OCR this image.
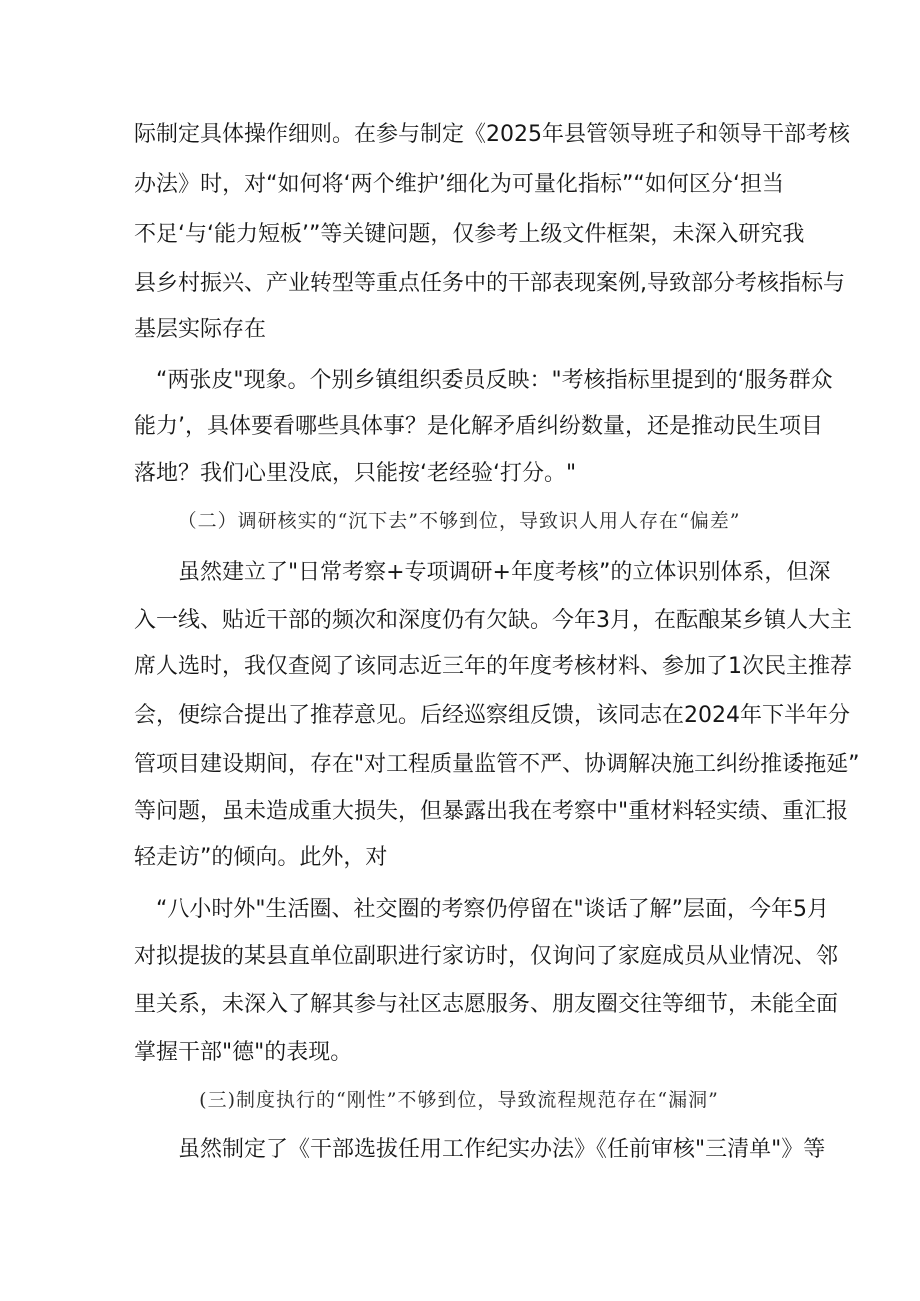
际制定具体操作细则。在参与制定《2025年县管领导班子和领导干部考核
办法》时，对“如何将‘两个维护’细化为可量化指标”“如何区分‘担当
不足‘与‘能力短板’”等关键问题，仅参考上级文件框架，未深入研究我
县乡村振兴、产业转型等重点任务中的干部表现案例,导致部分考核指标与
基层实际存在
“两张皮"现象。个别乡镇组织委员反映："考核指标里提到的‘服务群众
能力’，具体要看哪些具体事？是化解矛盾纠纷数量，还是推动民生项目
落地？我们心里没底，只能按‘老经验‘打分。"
（二）调研核实的“沉下去”不够到位，导致识人用人存在“偏差”
虽然建立了"日常考察+专项调研+年度考核”的立体识别体系，但深
入一线、贴近干部的频次和深度仍有欠缺。今年3月，在酝酿某乡镇人大主
席人选时，我仅查阅了该同志近三年的年度考核材料、参加了1次民主推荐
会，便综合提出了推荐意见。后经巡察组反馈，该同志在2024年下半年分
管项目建设期间，存在"对工程质量监管不严、协调解决施工纠纷推诿拖延”
等问题，虽未造成重大损失，但暴露出我在考察中"重材料轻实绩、重汇报
轻走访”的倾向。此外，对
“八小时外"生活圈、社交圈的考察仍停留在"谈话了解”层面，今年5月
对拟提拔的某县直单位副职进行家访时，仅询问了家庭成员从业情况、邻
里关系，未深入了解其参与社区志愿服务、朋友圈交往等细节，未能全面
掌握干部"德"的表现。
(三)制度执行的“刚性”不够到位，导致流程规范存在“漏洞”
虽然制定了《干部选拔任用工作纪实办法》《任前审核"三清单"》等
